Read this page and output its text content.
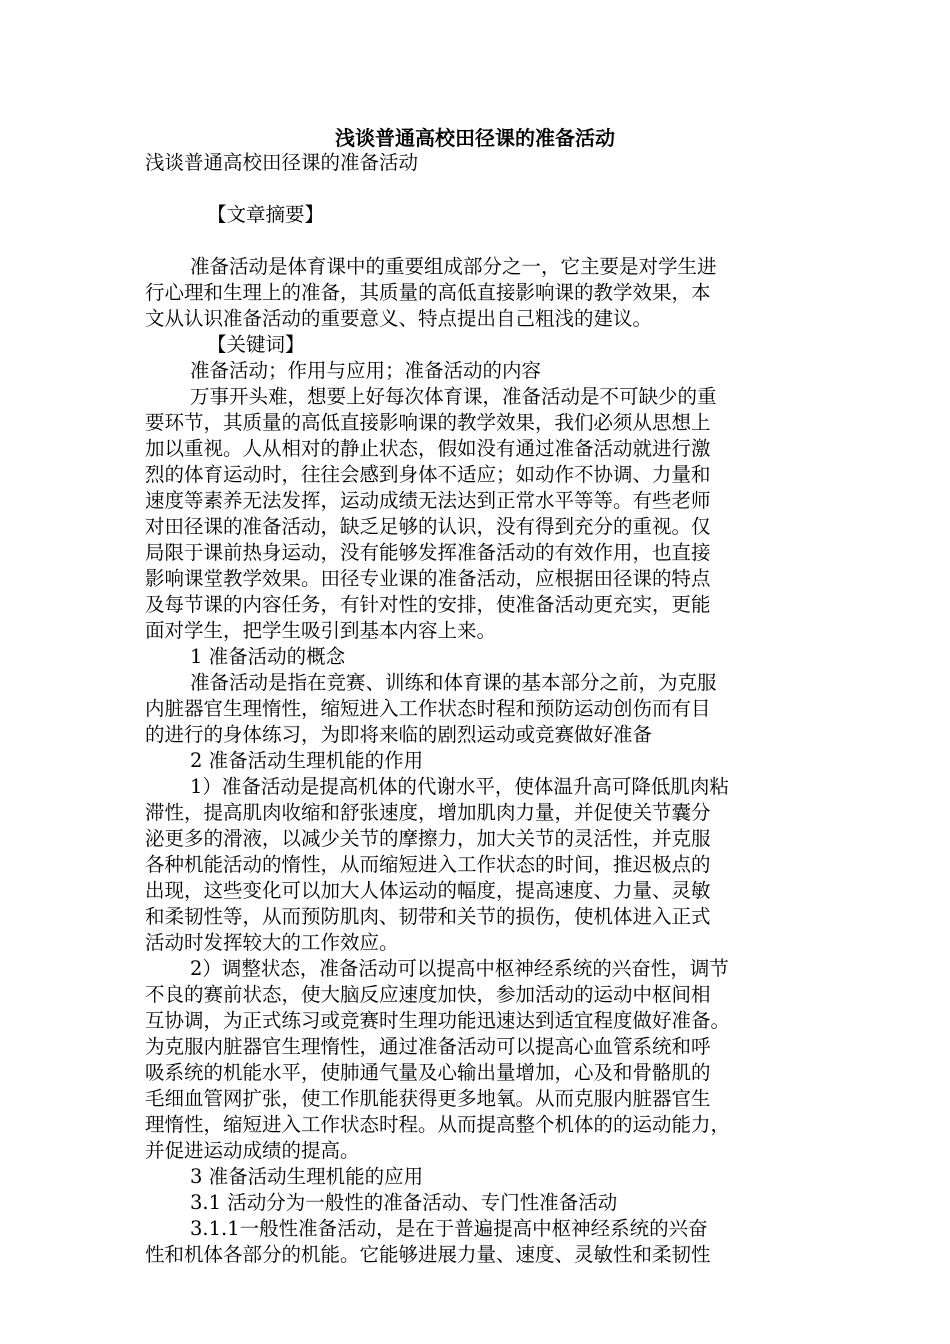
浅谈普通高校田径课的准备活动

浅谈普通高校田径课的准备活动

【文章摘要】

准备活动是体育课中的重要组成部分之一，它主要是对学生进

行心理和生理上的准备，其质量的高低直接影响课的教学效果，本

文从认识准备活动的重要意义、特点提出自己粗浅的建议。

【关键词】

准备活动；作用与应用；准备活动的内容

万事开头难，想要上好每次体育课，准备活动是不可缺少的重

要环节，其质量的高低直接影响课的教学效果，我们必须从思想上

加以重视。人从相对的静止状态，假如没有通过准备活动就进行激

烈的体育运动时，往往会感到身体不适应；如动作不协调、力量和

速度等素养无法发挥，运动成绩无法达到正常水平等等。有些老师

对田径课的准备活动，缺乏足够的认识，没有得到充分的重视。仅

局限于课前热身运动，没有能够发挥准备活动的有效作用，也直接

影响课堂教学效果。田径专业课的准备活动，应根据田径课的特点

及每节课的内容任务，有针对性的安排，使准备活动更充实，更能

面对学生，把学生吸引到基本内容上来。

1 准备活动的概念

准备活动是指在竞赛、训练和体育课的基本部分之前，为克服

内脏器官生理惰性，缩短进入工作状态时程和预防运动创伤而有目

的进行的身体练习，为即将来临的剧烈运动或竞赛做好准备

2 准备活动生理机能的作用

1）准备活动是提高机体的代谢水平，使体温升高可降低肌肉粘

滞性，提高肌肉收缩和舒张速度，增加肌肉力量，并促使关节囊分

泌更多的滑液，以减少关节的摩擦力，加大关节的灵活性，并克服

各种机能活动的惰性，从而缩短进入工作状态的时间，推迟极点的

出现，这些变化可以加大人体运动的幅度，提高速度、力量、灵敏

和柔韧性等，从而预防肌肉、韧带和关节的损伤，使机体进入正式

活动时发挥较大的工作效应。

2）调整状态，准备活动可以提高中枢神经系统的兴奋性，调节

不良的赛前状态，使大脑反应速度加快，参加活动的运动中枢间相

互协调，为正式练习或竞赛时生理功能迅速达到适宜程度做好准备。

为克服内脏器官生理惰性，通过准备活动可以提高心血管系统和呼

吸系统的机能水平，使肺通气量及心输出量增加，心及和骨骼肌的

毛细血管网扩张，使工作肌能获得更多地氧。从而克服内脏器官生

理惰性，缩短进入工作状态时程。从而提高整个机体的的运动能力，

并促进运动成绩的提高。

3 准备活动生理机能的应用

3.1 活动分为一般性的准备活动、专门性准备活动

3.1.1一般性准备活动，是在于普遍提高中枢神经系统的兴奋

性和机体各部分的机能。它能够进展力量、速度、灵敏性和柔韧性
